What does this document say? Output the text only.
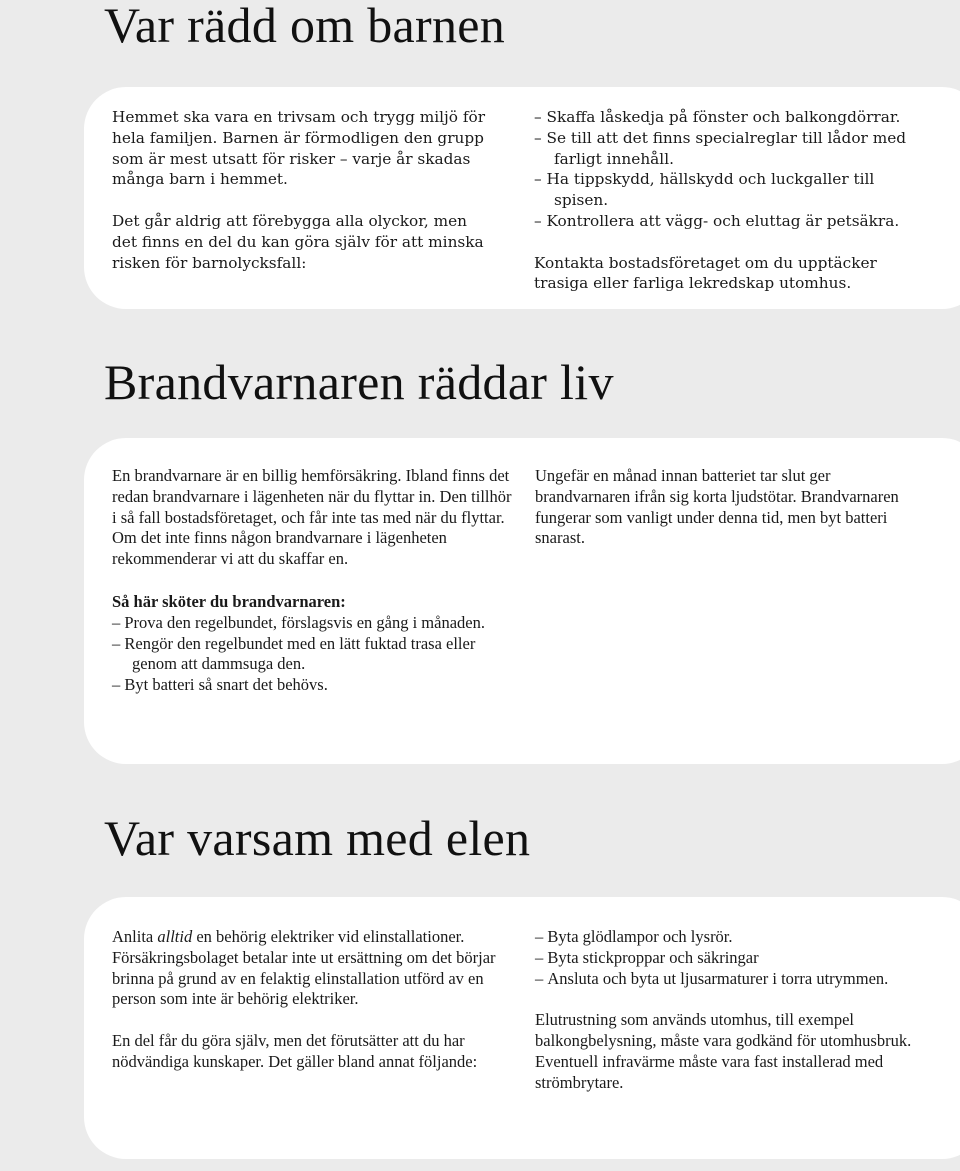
Var rädd om barnen

Hemmet ska vara en trivsam och trygg miljö för hela familjen. Barnen är förmodligen den grupp som är mest utsatt för risker – varje år skadas många barn i hemmet.

Det går aldrig att förebygga alla olyckor, men det finns en del du kan göra själv för att minska risken för barnolycksfall:

– Skaffa låskedja på fönster och balkongdörrar.
– Se till att det finns specialreglar till lådor med farligt innehåll.
– Ha tippskydd, hällskydd och luckgaller till spisen.
– Kontrollera att vägg- och eluttag är petsäkra.

Kontakta bostadsföretaget om du upptäcker trasiga eller farliga lekredskap utomhus.

Brandvarnaren räddar liv

En brandvarnare är en billig hemförsäkring. Ibland finns det redan brandvarnare i lägenheten när du flyttar in. Den tillhör i så fall bostadsföretaget, och får inte tas med när du flyttar. Om det inte finns någon brandvarnare i lägenheten rekommenderar vi att du skaffar en.

Så här sköter du brandvarnaren:

– Prova den regelbundet, förslagsvis en gång i månaden.
– Rengör den regelbundet med en lätt fuktad trasa eller genom att dammsuga den.
– Byt batteri så snart det behövs.

Ungefär en månad innan batteriet tar slut ger brandvarnaren ifrån sig korta ljudstötar. Brandvarnaren fungerar som vanligt under denna tid, men byt batteri snarast.

Var varsam med elen

Anlita alltid en behörig elektriker vid elinstallationer. Försäkringsbolaget betalar inte ut ersättning om det börjar brinna på grund av en felaktig elinstallation utförd av en person som inte är behörig elektriker.

En del får du göra själv, men det förutsätter att du har nödvändiga kunskaper. Det gäller bland annat följande:

– Byta glödlampor och lysrör.
– Byta stickproppar och säkringar
– Ansluta och byta ut ljusarmaturer i torra utrymmen.

Elutrustning som används utomhus, till exempel balkongbelysning, måste vara godkänd för utomhusbruk. Eventuell infravärme måste vara fast installerad med strömbrytare.
